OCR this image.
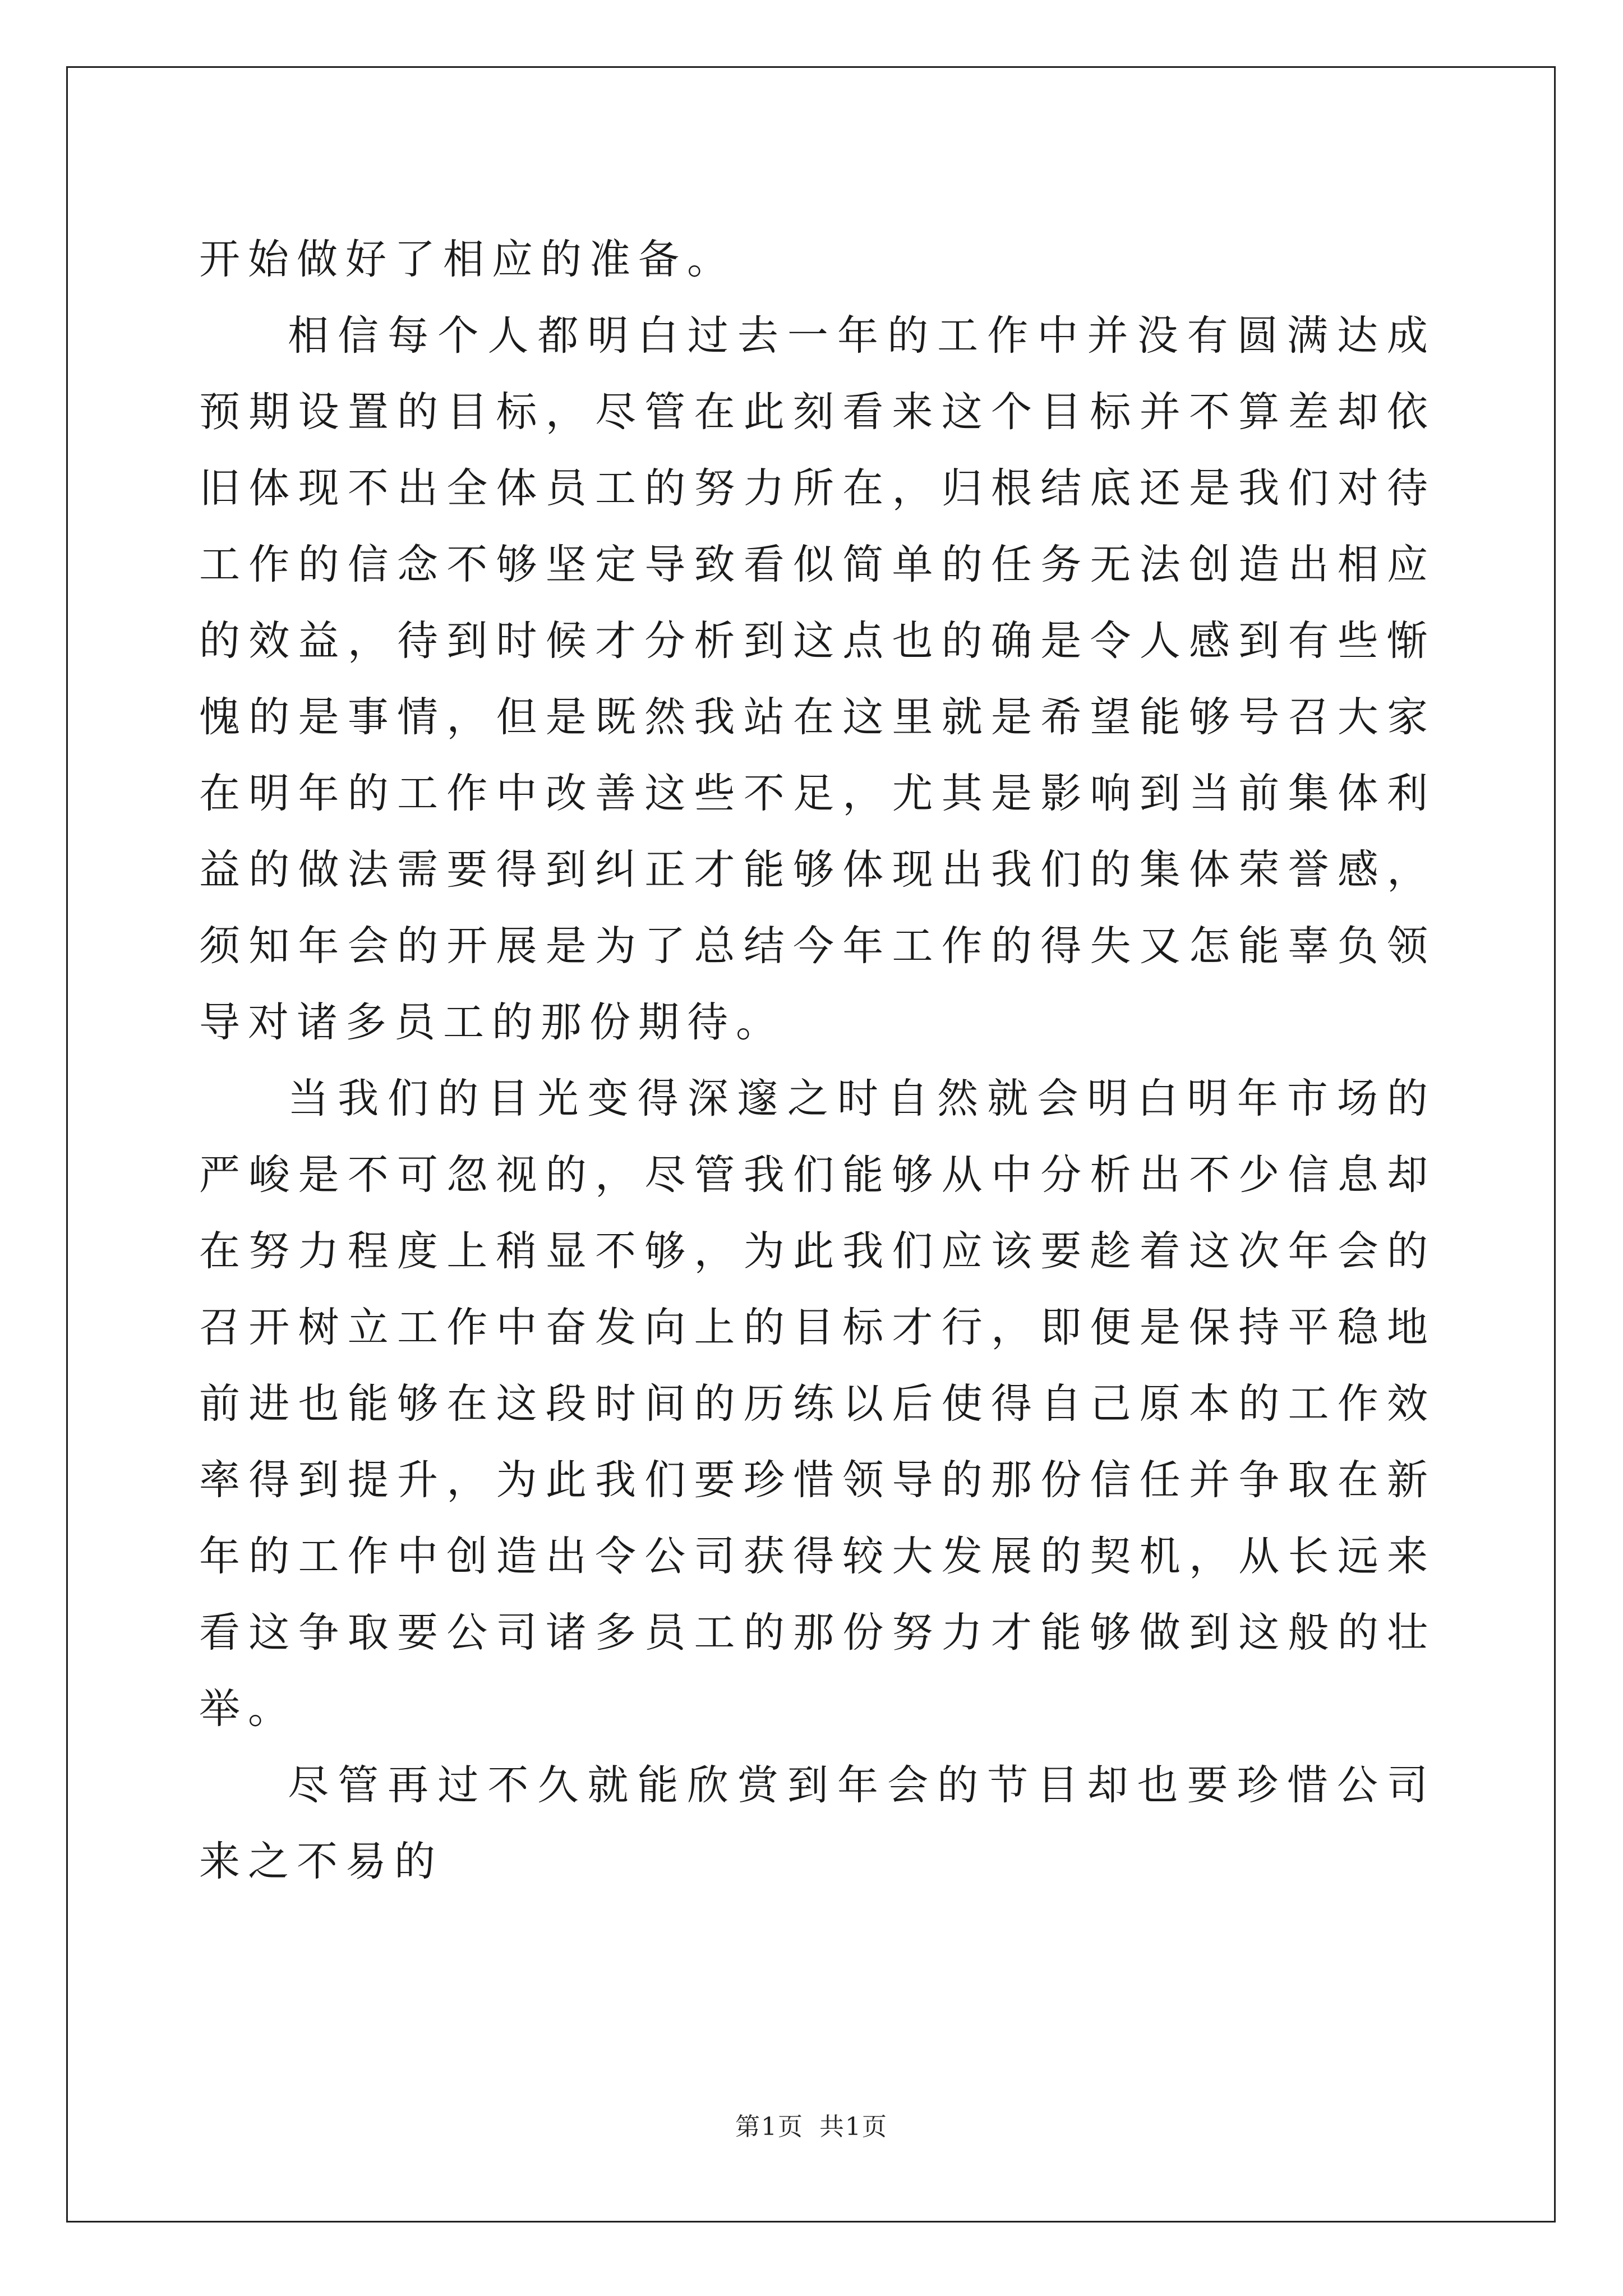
开始做好了相应的准备。

相信每个人都明白过去一年的工作中并没有圆满达成预期设置的目标，尽管在此刻看来这个目标并不算差却依旧体现不出全体员工的努力所在，归根结底还是我们对待工作的信念不够坚定导致看似简单的任务无法创造出相应的效益，待到时候才分析到这点也的确是令人感到有些惭愧的是事情，但是既然我站在这里就是希望能够号召大家在明年的工作中改善这些不足，尤其是影响到当前集体利益的做法需要得到纠正才能够体现出我们的集体荣誉感，须知年会的开展是为了总结今年工作的得失又怎能辜负领导对诸多员工的那份期待。

当我们的目光变得深邃之时自然就会明白明年市场的严峻是不可忽视的，尽管我们能够从中分析出不少信息却在努力程度上稍显不够，为此我们应该要趁着这次年会的召开树立工作中奋发向上的目标才行，即便是保持平稳地前进也能够在这段时间的历练以后使得自己原本的工作效率得到提升，为此我们要珍惜领导的那份信任并争取在新年的工作中创造出令公司获得较大发展的契机，从长远来看这争取要公司诸多员工的那份努力才能够做到这般的壮举。

尽管再过不久就能欣赏到年会的节目却也要珍惜公司来之不易的

第1页 共1页
